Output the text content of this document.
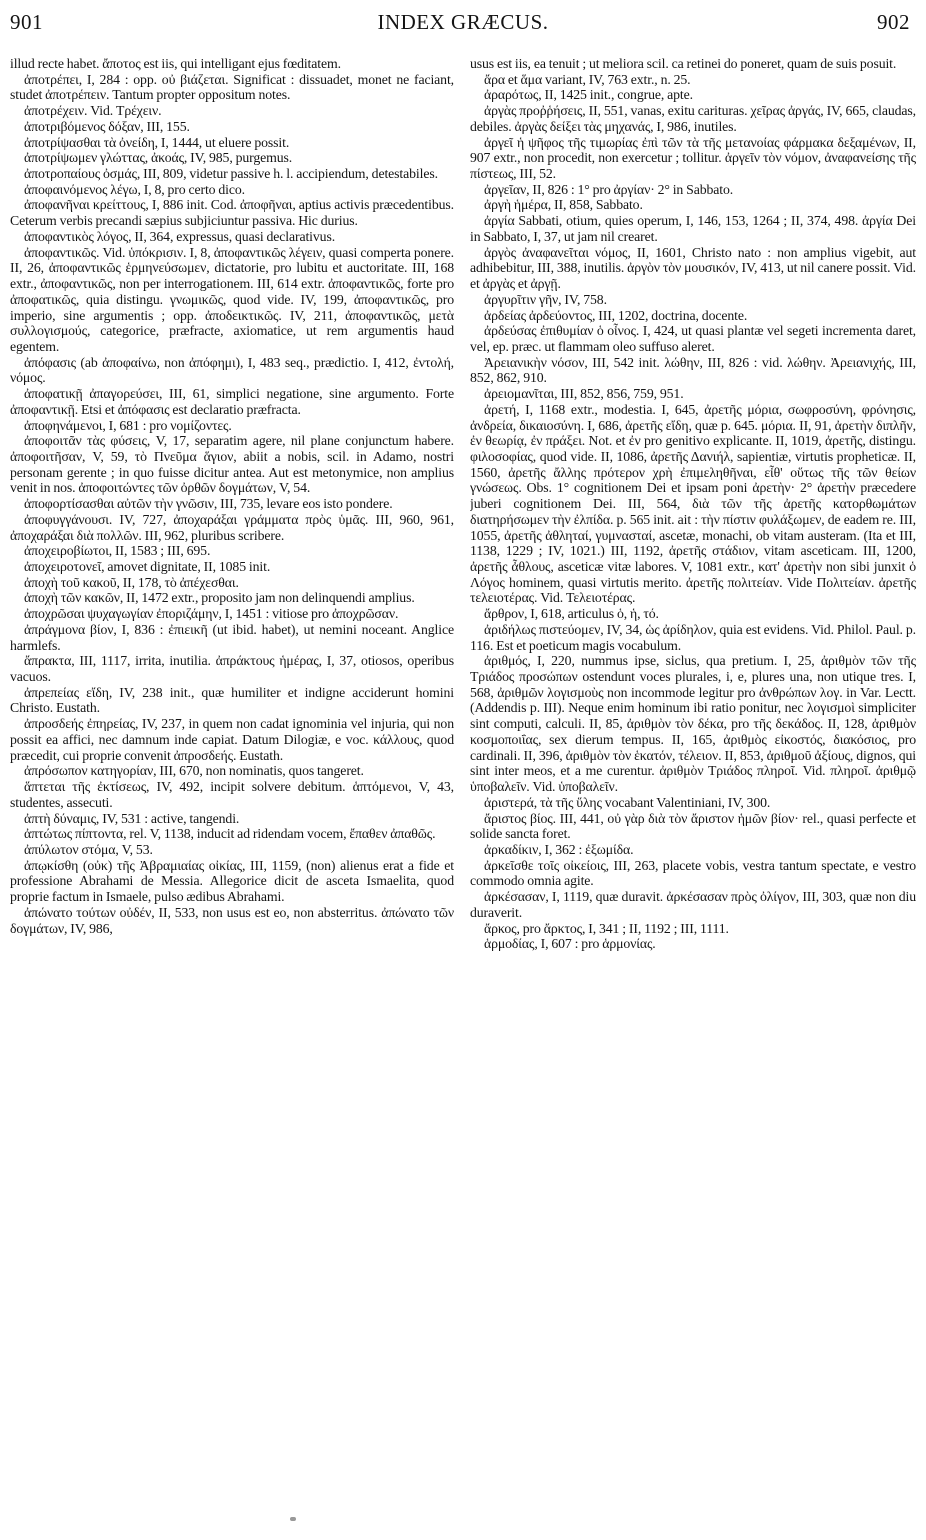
901	INDEX GRÆCUS.	902

illud recte habet. ἄποτος est iis, qui intelligant ejus fœditatem.

ἀποτρέπει, I, 284 : opp. οὐ βιάζεται. Significat : dissuadet, monet ne faciant, studet ἀποτρέπειν. Tantum propter oppositum notes.

ἀποτρέχειν. Vid. Τρέχειν.

ἀποτριβόμενος δόξαν, III, 155.

ἀποτρίψασθαι τὰ ὀνείδη, I, 1444, ut eluere possit.

ἀποτρίψωμεν γλώττας, ἀκοάς, IV, 985, purgemus.

ἀποτροπαίους ὀσμάς, III, 809, videtur passive h. l. accipiendum, detestabiles.

ἀποφαινόμενος λέγω, I, 8, pro certo dico.

ἀποφανῆναι κρείττους, I, 886 init. Cod. ἀποφῆναι, aptius activis præcedentibus. Ceterum verbis precandi sæpius subjiciuntur passiva. Hic durius.

ἀποφαντικὸς λόγος, II, 364, expressus, quasi declarativus.

ἀποφαντικῶς. Vid. ὑπόκρισιν. I, 8, ἀποφαντικῶς λέγειν, quasi comperta ponere. II, 26, ἀποφαντικῶς ἑρμηνεύσωμεν, dictatorie, pro lubitu et auctoritate. III, 168 extr., ἀποφαντικῶς, non per interrogationem. III, 614 extr. ἀποφαντικῶς, forte pro ἀποφατικῶς, quia distingu. γνωμικῶς, quod vide. IV, 199, ἀποφαντικῶς, pro imperio, sine argumentis ; opp. ἀποδεικτικῶς. IV, 211, ἀποφαντικῶς, μετὰ συλλογισμούς, categorice, præfracte, axiomatice, ut rem argumentis haud egentem.

ἀπόφασις (ab ἀποφαίνω, non ἀπόφημι), I, 483 seq., prædictio. I, 412, ἐντολή, νόμος.

ἀποφατικῇ ἀπαγορεύσει, III, 61, simplici negatione, sine argumento. Forte ἀποφαντικῇ. Etsi et ἀπόφασις est declaratio præfracta.

ἀποφηνάμενοι, I, 681 : pro νομίζοντες.

ἀποφοιτᾶν τὰς φύσεις, V, 17, separatim agere, nil plane conjunctum habere. ἀποφοιτῆσαν, V, 59, τὸ Πνεῦμα ἅγιον, abiit a nobis, scil. in Adamo, nostri personam gerente ; in quo fuisse dicitur antea. Aut est metonymice, non amplius venit in nos. ἀποφοιτώντες τῶν ὀρθῶν δογμάτων, V, 54.

ἀποφορτίσασθαι αὐτῶν τὴν γνῶσιν, III, 735, levare eos isto pondere.

ἀποφυγγάνουσι. IV, 727, ἀποχαράξαι γράμματα πρὸς ὑμᾶς. III, 960, 961, ἀποχαράξαι διὰ πολλῶν. III, 962, pluribus scribere.

ἀποχειροβίωτοι, II, 1583 ; III, 695.

ἀποχειροτονεῖ, amovet dignitate, II, 1085 init.

ἀποχὴ τοῦ κακοῦ, II, 178, τὸ ἀπέχεσθαι.

ἀποχὴ τῶν κακῶν, II, 1472 extr., proposito jam non delinquendi amplius.

ἀποχρῶσαι ψυχαγωγίαν ἐποριζάμην, I, 1451 : vitiose pro ἀποχρῶσαν.

ἀπράγμονα βίον, I, 836 : ἐπιεικῆ (ut ibid. habet), ut nemini noceant. Anglice harmlefs.

ἄπρακτα, III, 1117, irrita, inutilia. ἀπράκτους ἡμέρας, I, 37, otiosos, operibus vacuos.

ἀπρεπείας εἴδη, IV, 238 init., quæ humiliter et indigne acciderunt homini Christo. Eustath.

ἀπροσδεής ἐπηρείας, IV, 237, in quem non cadat ignominia vel injuria, qui non possit ea affici, nec damnum inde capiat. Datum Dilogiæ, e voc. κάλλους, quod præcedit, cui proprie convenit ἀπροσδεής. Eustath.

ἀπρόσωπον κατηγορίαν, III, 670, non nominatis, quos tangeret.

ἅπτεται τῆς ἐκτίσεως, IV, 492, incipit solvere debitum. ἁπτόμενοι, V, 43, studentes, assecuti.

ἀπτὴ δύναμις, IV, 531 : active, tangendi.

ἀπτώτως πίπτοντα, rel. V, 1138, inducit ad ridendam vocem, ἔπαθεν ἀπαθῶς.

ἀπύλωτον στόμα, V, 53.

ἀπῳκίσθη (οὐκ) τῆς Ἀβραμιαίας οἰκίας, III, 1159, (non) alienus erat a fide et professione Abrahami de Messia. Allegorice dicit de asceta Ismaelita, quod proprie factum in Ismaele, pulso ædibus Abrahami.

ἀπώνατο τούτων οὐδέν, II, 533, non usus est eo, non absterritus. ἀπώνατο τῶν δογμάτων, IV, 986,

usus est iis, ea tenuit ; ut meliora scil. ca retinei do poneret, quam de suis posuit.

ἄρα et ἅμα variant, IV, 763 extr., n. 25.

ἀραρότως, II, 1425 init., congrue, apte.

ἀργὰς προῤῥήσεις, II, 551, vanas, exitu carituras. χεῖρας ἀργάς, IV, 665, claudas, debiles. ἀργὰς δείξει τὰς μηχανάς, I, 986, inutiles.

ἀργεῖ ἡ ψῆφος τῆς τιμωρίας ἐπὶ τῶν τὰ τῆς μετανοίας φάρμακα δεξαμένων, II, 907 extr., non procedit, non exercetur ; tollitur. ἀργεῖν τὸν νόμον, ἀναφανείσης τῆς πίστεως, III, 52.

ἀργεῖαν, II, 826 : 1° pro ἀργίαν· 2° in Sabbato.

ἀργὴ ἡμέρα, II, 858, Sabbato.

ἀργία Sabbati, otium, quies operum, I, 146, 153, 1264 ; II, 374, 498. ἀργία Dei in Sabbato, I, 37, ut jam nil crearet.

ἀργὸς ἀναφανεῖται νόμος, II, 1601, Christo nato : non amplius vigebit, aut adhibebitur, III, 388, inutilis. ἀργὸν τὸν μουσικόν, IV, 413, ut nil canere possit. Vid. et ἀργὰς et ἀργῇ.

ἀργυρῖτιν γῆν, IV, 758.

ἀρδείας ἀρδεύοντος, III, 1202, doctrina, docente.

ἀρδεύσας ἐπιθυμίαν ὁ οἶνος. I, 424, ut quasi plantæ vel segeti incrementa daret, vel, ep. præc. ut flammam oleo suffuso aleret.

Ἀρειανικὴν νόσον, III, 542 init. λώθην, III, 826 : vid. λώθην. Ἀρειανιχής, III, 852, 862, 910.

ἀρειομανῖται, III, 852, 856, 759, 951.

ἀρετή, I, 1168 extr., modestia. I, 645, ἀρετῆς μόρια, σωφροσύνη, φρόνησις, ἀνδρεία, δικαιοσύνη. I, 686, ἀρετῆς εἴδη, quæ p. 645. μόρια. II, 91, ἀρετὴν διπλῆν, ἐν θεωρίᾳ, ἐν πράξει. Not. et ἐν pro genitivo explicante. II, 1019, ἀρετῆς, distingu. φιλοσοφίας, quod vide. II, 1086, ἀρετῆς Δανιήλ, sapientiæ, virtutis propheticæ. II, 1560, ἀρετῆς ἄλλης πρότερον χρὴ ἐπιμεληθῆναι, εἶθ' οὕτως τῆς τῶν θείων γνώσεως. Obs. 1° cognitionem Dei et ipsam poni ἀρετὴν· 2° ἀρετὴν præcedere juberi cognitionem Dei. III, 564, διὰ τῶν τῆς ἀρετῆς κατορθωμάτων διατηρήσωμεν τὴν ἐλπίδα. p. 565 init. ait : τὴν πίστιν φυλάξωμεν, de eadem re. III, 1055, ἀρετῆς ἀθληταί, γυμνασταί, ascetæ, monachi, ob vitam austeram. (Ita et III, 1138, 1229 ; IV, 1021.) III, 1192, ἀρετῆς στάδιον, vitam asceticam. III, 1200, ἀρετῆς ἆθλους, asceticæ vitæ labores. V, 1081 extr., κατ' ἀρετὴν non sibi junxit ὁ Λόγος hominem, quasi virtutis merito. ἀρετῆς πολιτείαν. Vide Πολιτείαν. ἀρετῆς τελειοτέρας. Vid. Τελειοτέρας.

ἄρθρον, I, 618, articulus ὁ, ἡ, τό.

ἀριδήλως πιστεύομεν, IV, 34, ὡς ἀρίδηλον, quia est evidens. Vid. Philol. Paul. p. 116. Est et poeticum magis vocabulum.

ἀριθμός, I, 220, nummus ipse, siclus, qua pretium. I, 25, ἀριθμὸν τῶν τῆς Τριάδος προσώπων ostendunt voces plurales, i, e, plures una, non utique tres. I, 568, ἀριθμῶν λογισμοὺς non incommode legitur pro ἀνθρώπων λογ. in Var. Lectt. (Addendis p. III). Neque enim hominum ibi ratio ponitur, nec λογισμοὶ simpliciter sint computi, calculi. II, 85, ἀριθμὸν τὸν δέκα, pro τῆς δεκάδος. II, 128, ἀριθμὸν κοσμοποιΐας, sex dierum tempus. II, 165, ἀριθμὸς εἰκοστός, διακόσιος, pro cardinali. II, 396, ἀριθμὸν τὸν ἑκατόν, τέλειον. II, 853, ἀριθμοῦ ἀξίους, dignos, qui sint inter meos, et a me curentur. ἀριθμὸν Τριάδος πληροῖ. Vid. πληροῖ. ἀριθμῷ ὑποβαλεῖν. Vid. ὑποβαλεῖν.

ἀριστερά, τὰ τῆς ὕλης vocabant Valentiniani, IV, 300.

ἄριστος βίος. III, 441, οὐ γὰρ διὰ τὸν ἄριστον ἡμῶν βίον· rel., quasi perfecte et solide sancta foret.

ἀρκαδίκιν, I, 362 : ἐξωμίδα.

ἀρκεῖσθε τοῖς οἰκείοις, III, 263, placete vobis, vestra tantum spectate, e vestro commodo omnia agite.

ἀρκέσασαν, I, 1119, quæ duravit. ἀρκέσασαν πρὸς ὀλίγον, III, 303, quæ non diu duraverit.

ἄρκος, pro ἄρκτος, I, 341 ; II, 1192 ; III, 1111.

ἁρμοδίας, I, 607 : pro ἁρμονίας.
